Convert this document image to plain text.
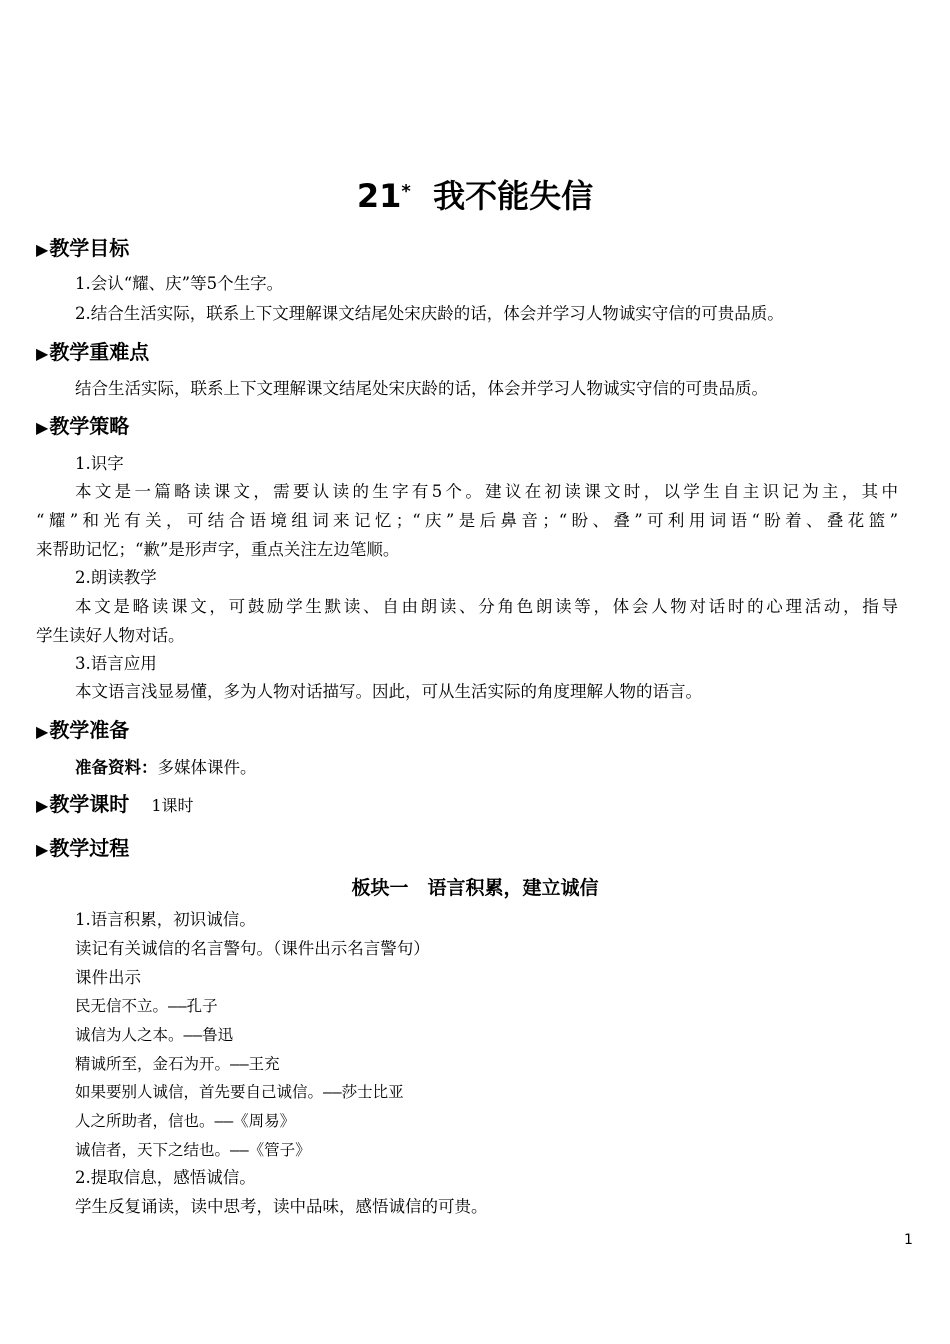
21* 我不能失信
▶教学目标
1.会认“耀、庆”等5个生字。
2.结合生活实际，联系上下文理解课文结尾处宋庆龄的话，体会并学习人物诚实守信的可贵品质。
▶教学重难点
结合生活实际，联系上下文理解课文结尾处宋庆龄的话，体会并学习人物诚实守信的可贵品质。
▶教学策略
1.识字
本文是一篇略读课文，需要认读的生字有5个。建议在初读课文时，以学生自主识记为主，其中
“耀”和光有关，可结合语境组词来记忆；“庆”是后鼻音；“盼、叠”可利用词语“盼着、叠花篮”
来帮助记忆；“歉”是形声字，重点关注左边笔顺。
2.朗读教学
本文是略读课文，可鼓励学生默读、自由朗读、分角色朗读等，体会人物对话时的心理活动，指导
学生读好人物对话。
3.语言应用
本文语言浅显易懂，多为人物对话描写。因此，可从生活实际的角度理解人物的语言。
▶教学准备
准备资料：多媒体课件。
▶教学课时 1课时
▶教学过程
板块一　语言积累，建立诚信
1.语言积累，初识诚信。
读记有关诚信的名言警句。（课件出示名言警句）
课件出示
民无信不立。——孔子
诚信为人之本。——鲁迅
精诚所至，金石为开。——王充
如果要别人诚信，首先要自己诚信。——莎士比亚
人之所助者，信也。——《周易》
诚信者，天下之结也。——《管子》
2.提取信息，感悟诚信。
学生反复诵读，读中思考，读中品味，感悟诚信的可贵。
1
